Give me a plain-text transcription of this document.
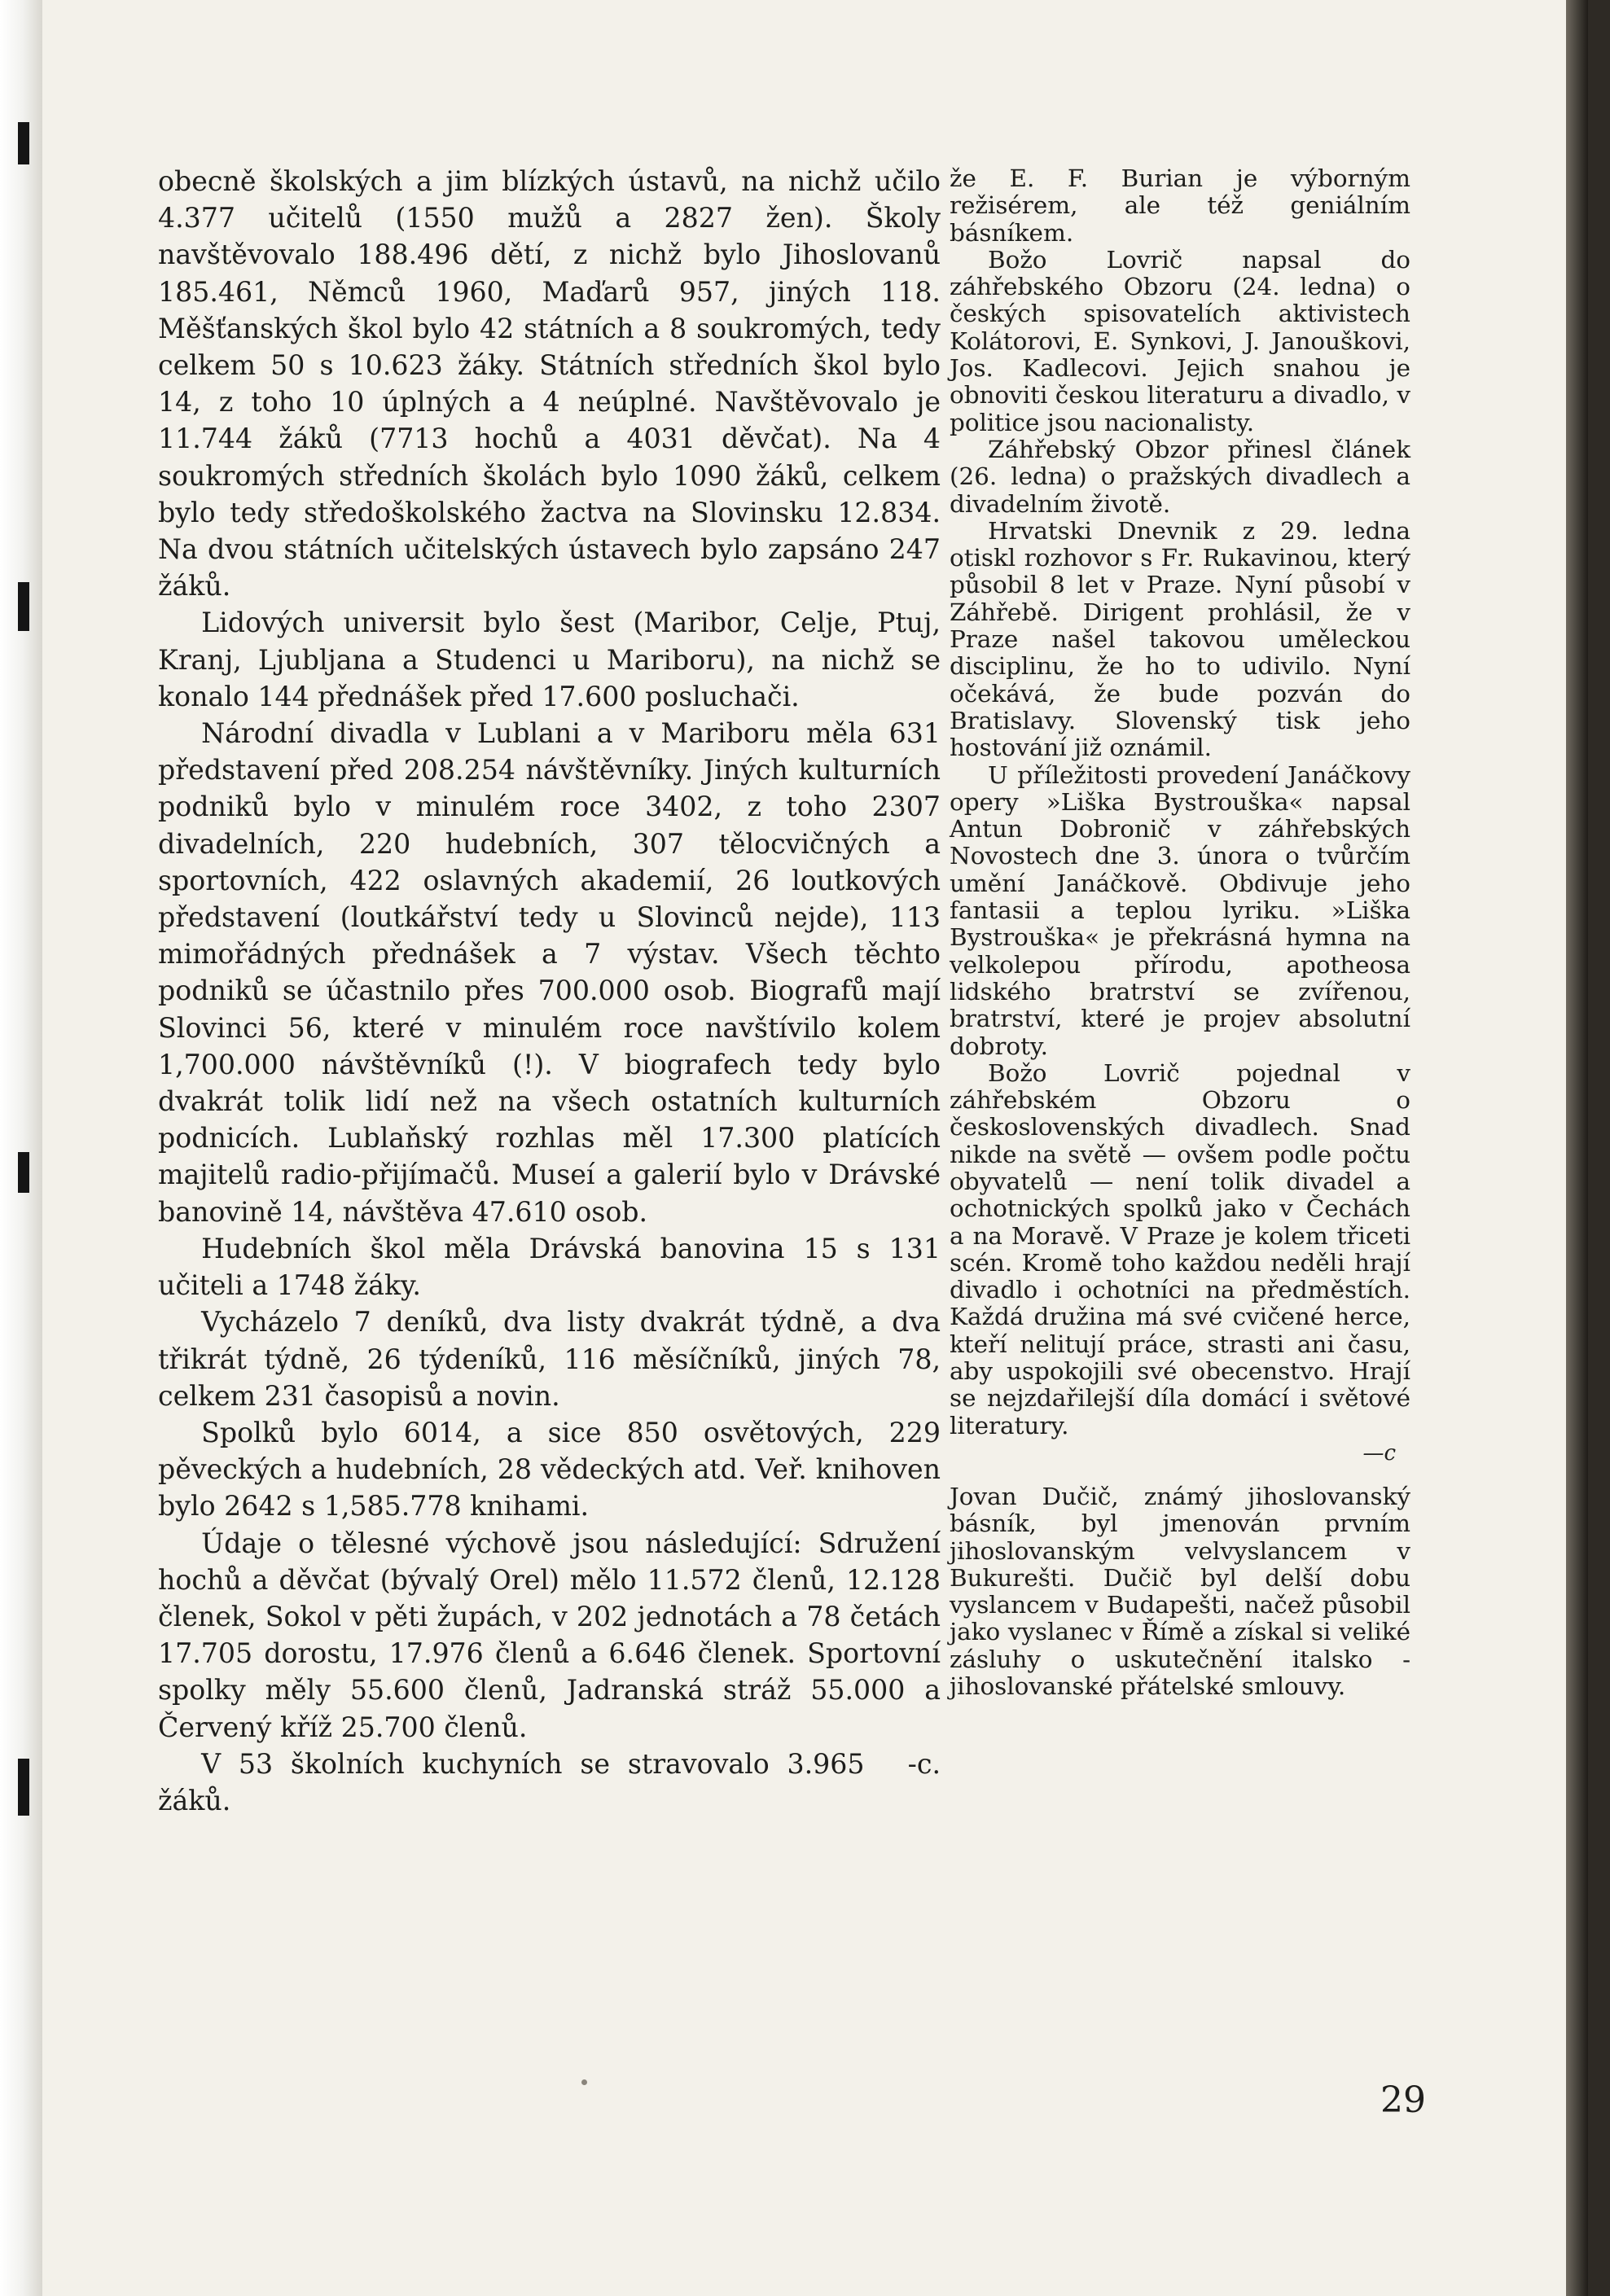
obecně školských a jim blízkých ústavů, na nichž učilo 4.377 učitelů (1550 mužů a 2827 žen). Školy navštěvovalo 188.496 dětí, z nichž bylo Jihoslovanů 185.461, Němců 1960, Maďarů 957, jiných 118. Měšťanských škol bylo 42 státních a 8 soukromých, tedy celkem 50 s 10.623 žáky. Státních středních škol bylo 14, z toho 10 úplných a 4 neúplné. Navštěvovalo je 11.744 žáků (7713 hochů a 4031 děvčat). Na 4 soukromých středních školách bylo 1090 žáků, celkem bylo tedy středoškolského žactva na Slovinsku 12.834. Na dvou státních učitelských ústavech bylo zapsáno 247 žáků.

Lidových universit bylo šest (Maribor, Celje, Ptuj, Kranj, Ljubljana a Studenci u Mariboru), na nichž se konalo 144 přednášek před 17.600 posluchači.

Národní divadla v Lublani a v Mariboru měla 631 představení před 208.254 návštěvníky. Jiných kulturních podniků bylo v minulém roce 3402, z toho 2307 divadelních, 220 hudebních, 307 tělocvičných a sportovních, 422 oslavných akademií, 26 loutkových představení (loutkářství tedy u Slovinců nejde), 113 mimořádných přednášek a 7 výstav. Všech těchto podniků se účastnilo přes 700.000 osob. Biografů mají Slovinci 56, které v minulém roce navštívilo kolem 1,700.000 návštěvníků (!). V biografech tedy bylo dvakrát tolik lidí než na všech ostatních kulturních podnicích. Lublaňský rozhlas měl 17.300 platících majitelů radio-přijímačů. Museí a galerií bylo v Drávské banovině 14, návštěva 47.610 osob.

Hudebních škol měla Drávská banovina 15 s 131 učiteli a 1748 žáky.

Vycházelo 7 deníků, dva listy dvakrát týdně, a dva třikrát týdně, 26 týdeníků, 116 měsíčníků, jiných 78, celkem 231 časopisů a novin.

Spolků bylo 6014, a sice 850 osvětových, 229 pěveckých a hudebních, 28 vědeckých atd. Veř. knihoven bylo 2642 s 1,585.778 knihami.

Údaje o tělesné výchově jsou následující: Sdružení hochů a děvčat (bývalý Orel) mělo 11.572 členů, 12.128 členek, Sokol v pěti župách, v 202 jednotách a 78 četách 17.705 dorostu, 17.976 členů a 6.646 členek. Sportovní spolky měly 55.600 členů, Jadranská stráž 55.000 a Červený kříž 25.700 členů.

-c.
V 53 školních kuchyních se stravovalo 3.965 žáků.

že E. F. Burian je výborným režisérem, ale též geniálním básníkem.

Božo Lovrič napsal do záhřebského Obzoru (24. ledna) o českých spisovatelích aktivistech Kolátorovi, E. Synkovi, J. Janouškovi, Jos. Kadlecovi. Jejich snahou je obnoviti českou literaturu a divadlo, v politice jsou nacionalisty.

Záhřebský Obzor přinesl článek (26. ledna) o pražských divadlech a divadelním životě.

Hrvatski Dnevnik z 29. ledna otiskl rozhovor s Fr. Rukavinou, který působil 8 let v Praze. Nyní působí v Záhřebě. Dirigent prohlásil, že v Praze našel takovou uměleckou disciplinu, že ho to udivilo. Nyní očekává, že bude pozván do Bratislavy. Slovenský tisk jeho hostování již oznámil.

U příležitosti provedení Janáčkovy opery »Liška Bystrouška« napsal Antun Dobronič v záhřebských Novostech dne 3. února o tvůrčím umění Janáčkově. Obdivuje jeho fantasii a teplou lyriku. »Liška Bystrouška« je překrásná hymna na velkolepou přírodu, apotheosa lidského bratrství se zvířenou, bratrství, které je projev absolutní dobroty.

Božo Lovrič pojednal v záhřebském Obzoru o československých divadlech. Snad nikde na světě — ovšem podle počtu obyvatelů — není tolik divadel a ochotnických spolků jako v Čechách a na Moravě. V Praze je kolem třiceti scén. Kromě toho každou neděli hrají divadlo i ochotníci na předměstích. Každá družina má své cvičené herce, kteří nelitují práce, strasti ani času, aby uspokojili své obecenstvo. Hrají se nejzdařilejší díla domácí i světové literatury.

—c

Jovan Dučič, známý jihoslovanský básník, byl jmenován prvním jihoslovanským velvyslancem v Bukurešti. Dučič byl delší dobu vyslancem v Budapešti, načež působil jako vyslanec v Římě a získal si veliké zásluhy o uskutečnění italsko - jihoslovanské přátelské smlouvy.

29
